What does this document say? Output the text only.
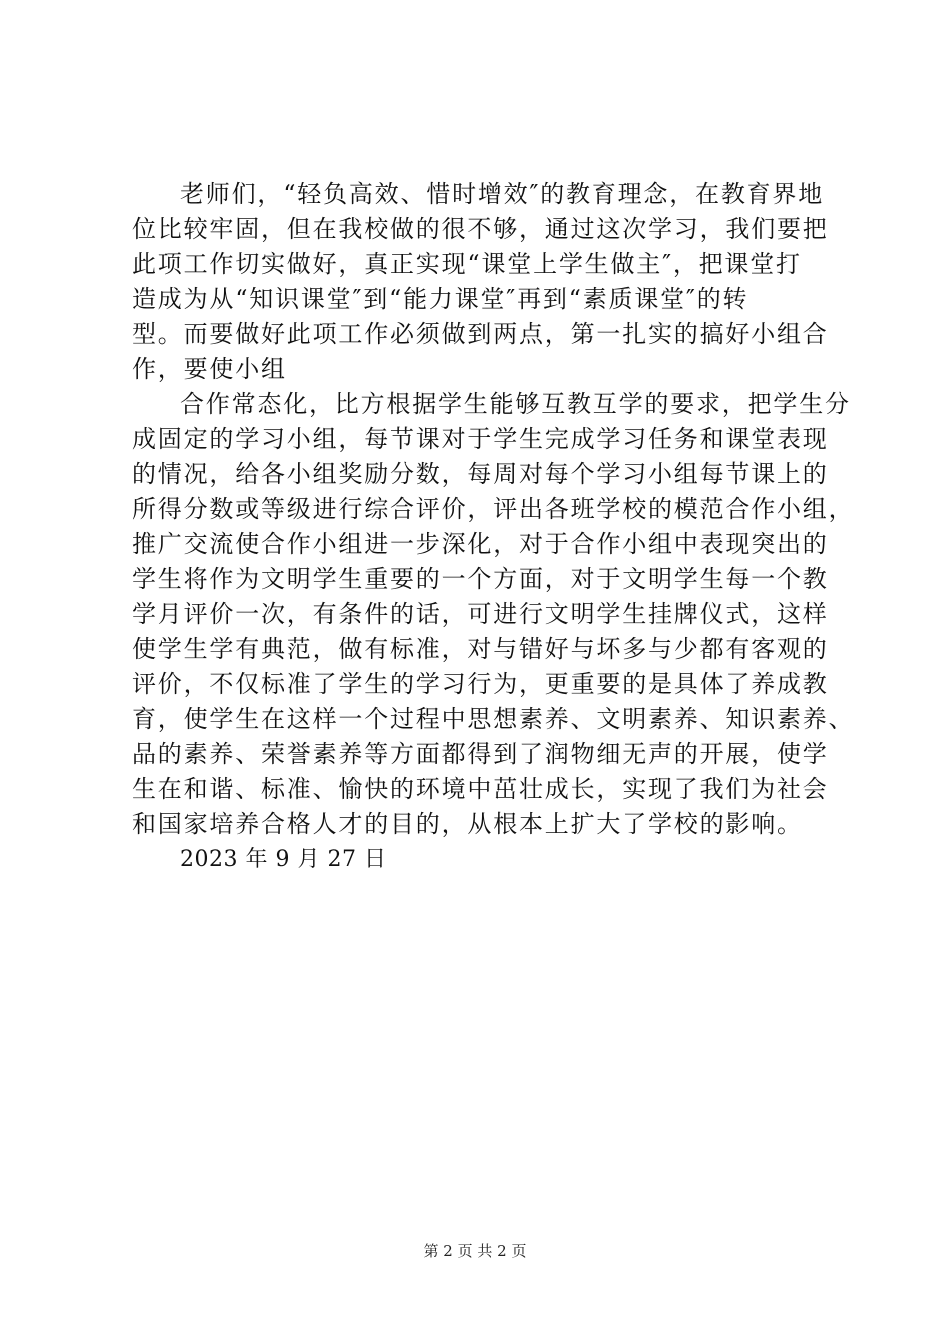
老师们，“轻负高效、惜时增效″的教育理念，在教育界地
位比较牢固，但在我校做的很不够，通过这次学习，我们要把
此项工作切实做好，真正实现“课堂上学生做主″，把课堂打
造成为从“知识课堂″到“能力课堂″再到“素质课堂″的转
型。而要做好此项工作必须做到两点，第一扎实的搞好小组合
作，要使小组
合作常态化，比方根据学生能够互教互学的要求，把学生分
成固定的学习小组，每节课对于学生完成学习任务和课堂表现
的情况，给各小组奖励分数，每周对每个学习小组每节课上的
所得分数或等级进行综合评价，评出各班学校的模范合作小组，
推广交流使合作小组进一步深化，对于合作小组中表现突出的
学生将作为文明学生重要的一个方面，对于文明学生每一个教
学月评价一次，有条件的话，可进行文明学生挂牌仪式，这样
使学生学有典范，做有标准，对与错好与坏多与少都有客观的
评价，不仅标准了学生的学习行为，更重要的是具体了养成教
育，使学生在这样一个过程中思想素养、文明素养、知识素养、
品的素养、荣誉素养等方面都得到了润物细无声的开展，使学
生在和谐、标准、愉快的环境中茁壮成长，实现了我们为社会
和国家培养合格人才的目的，从根本上扩大了学校的影响。
2023 年 9 月 27 日
第 2 页 共 2 页
